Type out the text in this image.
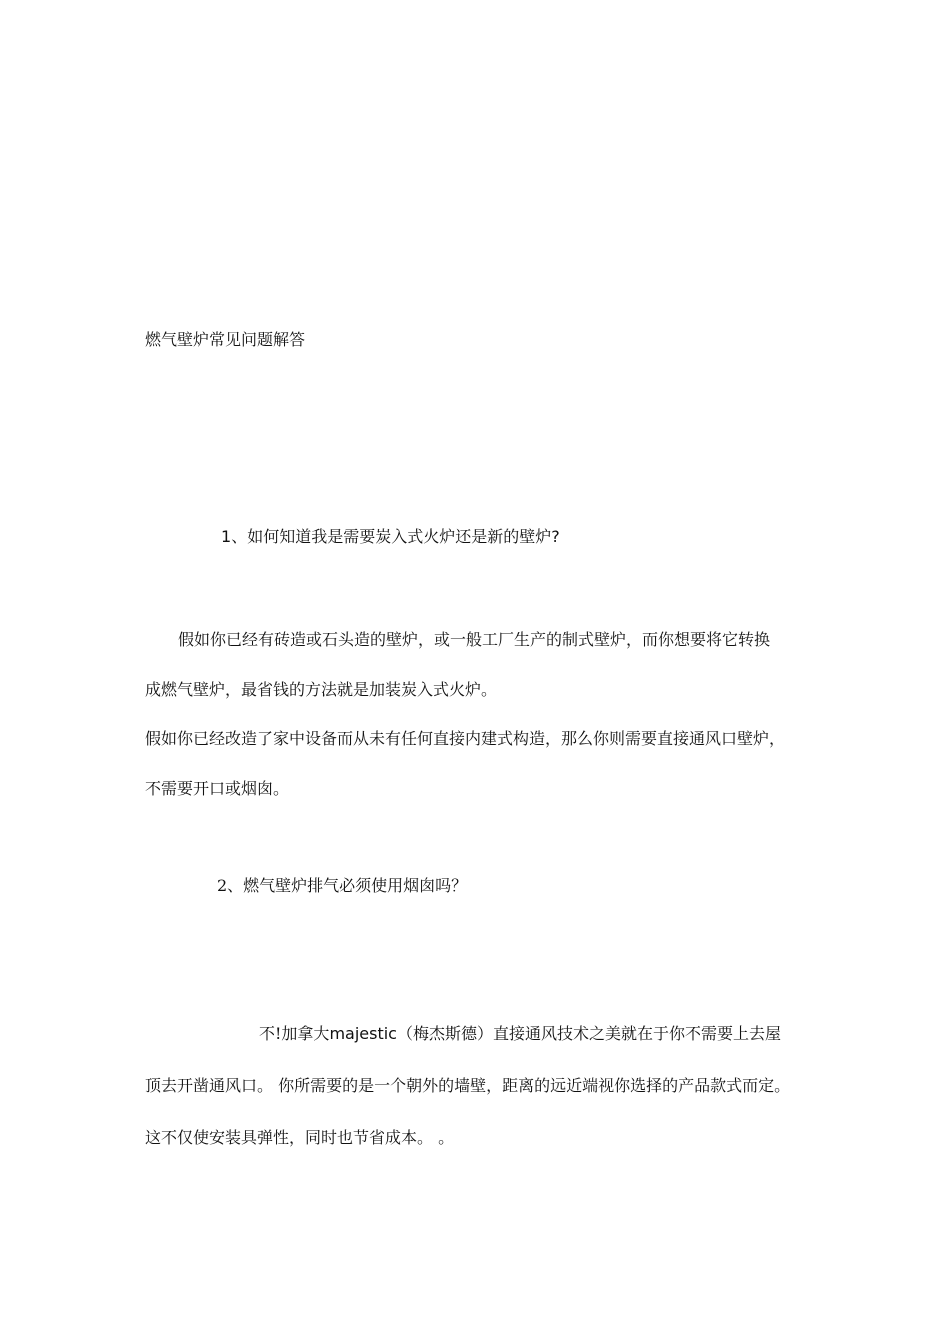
燃气壁炉常见问题解答
1、如何知道我是需要炭入式火炉还是新的壁炉?
假如你已经有砖造或石头造的壁炉，或一般工厂生产的制式壁炉，而你想要将它转换
成燃气壁炉，最省钱的方法就是加装炭入式火炉。
假如你已经改造了家中设备而从未有任何直接内建式构造，那么你则需要直接通风口壁炉，
不需要开口或烟囱。
2、燃气壁炉排气必须使用烟囱吗？
不!加拿大majestic（梅杰斯德）直接通风技术之美就在于你不需要上去屋
顶去开凿通风口。 你所需要的是一个朝外的墙壁，距离的远近端视你选择的产品款式而定。
这不仅使安装具弹性，同时也节省成本。 。
